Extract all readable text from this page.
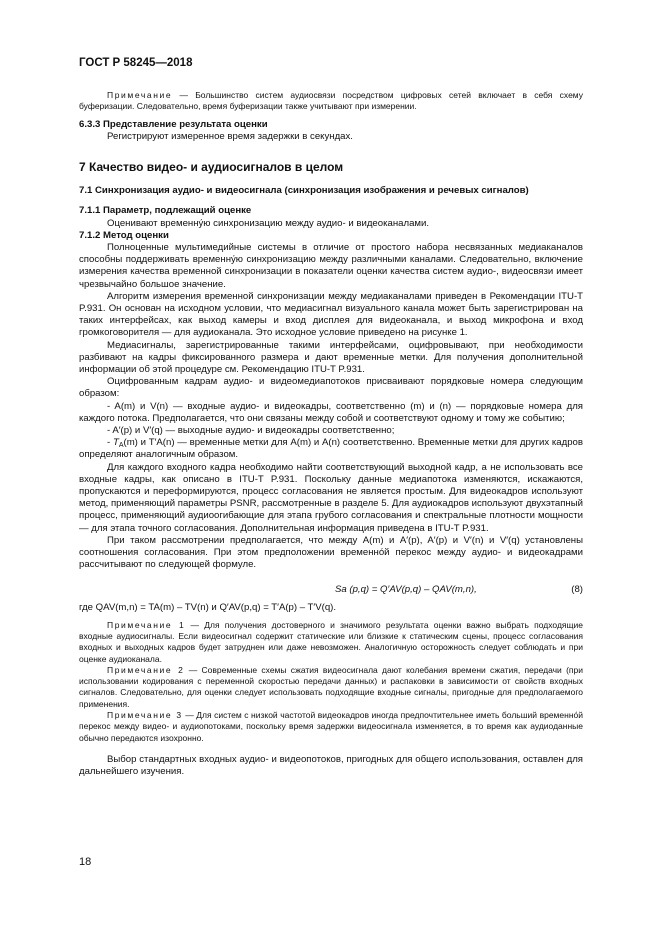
ГОСТ Р 58245—2018

Примечание — Большинство систем аудиосвязи посредством цифровых сетей включает в себя схему буферизации. Следовательно, время буферизации также учитывают при измерении.

6.3.3 Представление результата оценки

Регистрируют измеренное время задержки в секундах.

7 Качество видео- и аудиосигналов в целом

7.1 Синхронизация аудио- и видеосигнала (синхронизация изображения и речевых сигналов)

7.1.1 Параметр, подлежащий оценке

Оценивают временну́ю синхронизацию между аудио- и видеоканалами.

7.1.2 Метод оценки

Полноценные мультимедийные системы в отличие от простого набора несвязанных медиаканалов способны поддерживать временну́ю синхронизацию между различными каналами. Следовательно, включение измерения качества временной синхронизации в показатели оценки качества систем аудио-, видеосвязи имеет чрезвычайно большое значение.

Алгоритм измерения временной синхронизации между медиаканалами приведен в Рекомендации ITU-T P.931. Он основан на исходном условии, что медиасигнал визуального канала может быть зарегистрирован на таких интерфейсах, как выход камеры и вход дисплея для видеоканала, и выход микрофона и вход громкоговорителя — для аудиоканала. Это исходное условие приведено на рисунке 1.

Медиасигналы, зарегистрированные такими интерфейсами, оцифровывают, при необходимости разбивают на кадры фиксированного размера и дают временные метки. Для получения дополнительной информации об этой процедуре см. Рекомендацию ITU-T P.931.

Оцифрованным кадрам аудио- и видеомедиапотоков присваивают порядковые номера следующим образом:

- A(m) и V(n) — входные аудио- и видеокадры, соответственно (m) и (n) — порядковые номера для каждого потока. Предполагается, что они связаны между собой и соответствуют одному и тому же событию;

- A′(p) и V′(q) — выходные аудио- и видеокадры соответственно;

- $T_A(m)$ и T′A(n) — временные метки для A(m) и A(n) соответственно. Временные метки для других кадров определяют аналогичным образом.

Для каждого входного кадра необходимо найти соответствующий выходной кадр, а не использовать все входные кадры, как описано в ITU-T P.931. Поскольку данные медиапотока изменяются, искажаются, пропускаются и переформируются, процесс согласования не является простым. Для видеокадров используют метод, применяющий параметры PSNR, рассмотренные в разделе 5. Для аудиокадров используют двухэтапный процесс, применяющий аудиоогибающие для этапа грубого согласования и спектральные плотности мощности — для этапа точного согласования. Дополнительная информация приведена в ITU-T P.931.

При таком рассмотрении предполагается, что между A(m) и A′(p), A′(p) и V′(n) и V′(q) установлены соотношения согласования. При этом предположении временно́й перекос между аудио- и видеокадрами рассчитывают по следующей формуле.

Sa (p,q) = Q′AV(p,q) – QAV(m,n),	(8)

где QAV(m,n) = TA(m) – TV(n) и Q′AV(p,q) = T′A(p) – T′V(q).

Примечание 1 — Для получения достоверного и значимого результата оценки важно выбрать подходящие входные аудиосигналы. Если видеосигнал содержит статические или близкие к статическим сцены, процесс согласования входных и выходных кадров будет затруднен или даже невозможен. Аналогичную осторожность следует соблюдать и при оценке аудиоканала.

Примечание 2 — Современные схемы сжатия видеосигнала дают колебания времени сжатия, передачи (при использовании кодирования с переменной скоростью передачи данных) и распаковки в зависимости от свойств входных сигналов. Следовательно, для оценки следует использовать подходящие входные сигналы, пригодные для предполагаемого применения.

Примечание 3 — Для систем с низкой частотой видеокадров иногда предпочтительнее иметь больший временно́й перекос между видео- и аудиопотоками, поскольку время задержки видеосигнала изменяется, в то время как аудиоданные обычно передаются изохронно.

Выбор стандартных входных аудио- и видеопотоков, пригодных для общего использования, оставлен для дальнейшего изучения.

18
